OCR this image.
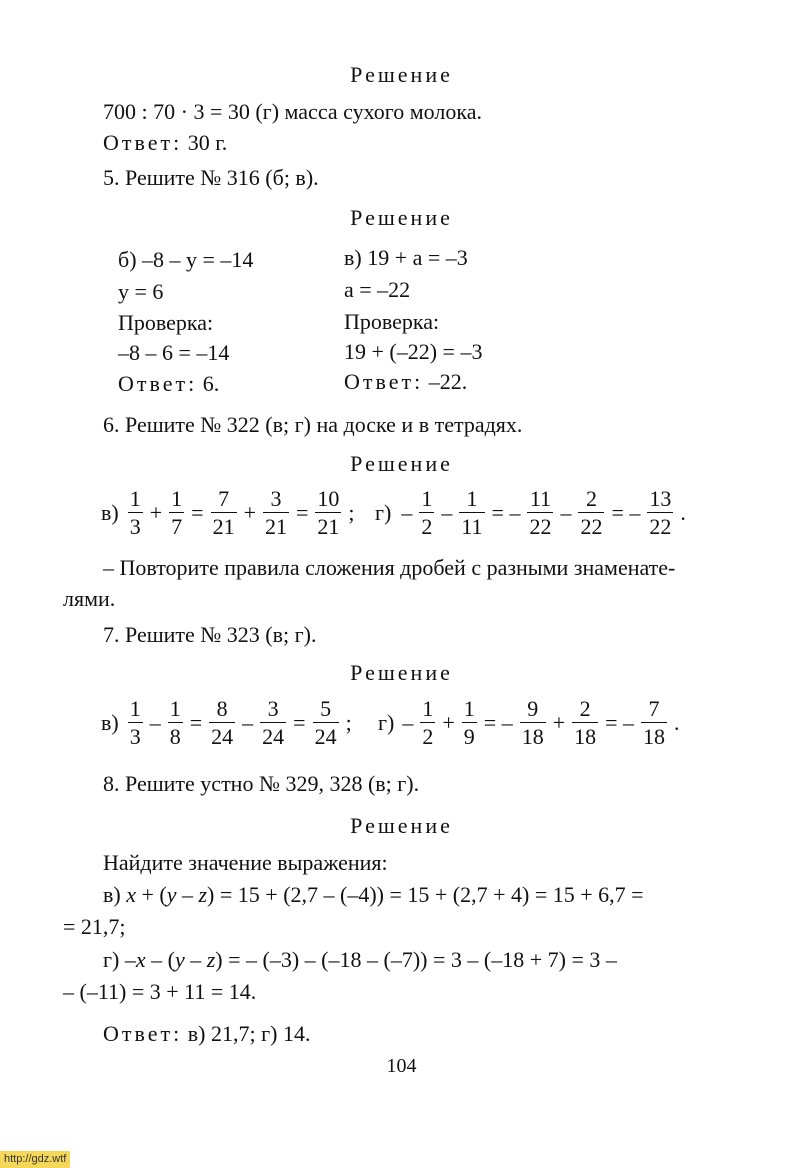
Решение
700 : 70 · 3 = 30 (г) масса сухого молока.
Ответ: 30 г.
5. Решите № 316 (б; в).
Решение
б) –8 – у = –14
у = 6
Проверка:
–8 – 6 = –14
Ответ: 6.
в) 19 + а = –3
а = –22
Проверка:
19 + (–22) = –3
Ответ: –22.
6. Решите № 322 (в; г) на доске и в тетрадях.
Решение
$в) \frac{1}{3} + \frac{1}{7} = \frac{7}{21} + \frac{3}{21} = \frac{10}{21}$ ; $г) - \frac{1}{2} - \frac{1}{11}$ = – $\frac{11}{22} - \frac{2}{22}$ = – $\frac{13}{22}$ .
– Повторите правила сложения дробей с разными знаменате-
лями.
7. Решите № 323 (в; г).
Решение
$в) \frac{1}{3} - \frac{1}{8} = \frac{8}{24} - \frac{3}{24} = \frac{5}{24}$ ; $г) - \frac{1}{2} + \frac{1}{9}$ = – $\frac{9}{18} + \frac{2}{18}$ = – $\frac{7}{18}$ .
8. Решите устно № 329, 328 (в; г).
Решение
Найдите значение выражения:
в) x + (y – z) = 15 + (2,7 – (–4)) = 15 + (2,7 + 4) = 15 + 6,7 =
= 21,7;
г) –x – (y – z) = – (–3) – (–18 – (–7)) = 3 – (–18 + 7) = 3 –
– (–11) = 3 + 11 = 14.
Ответ: в) 21,7; г) 14.
104
http://gdz.wtf
